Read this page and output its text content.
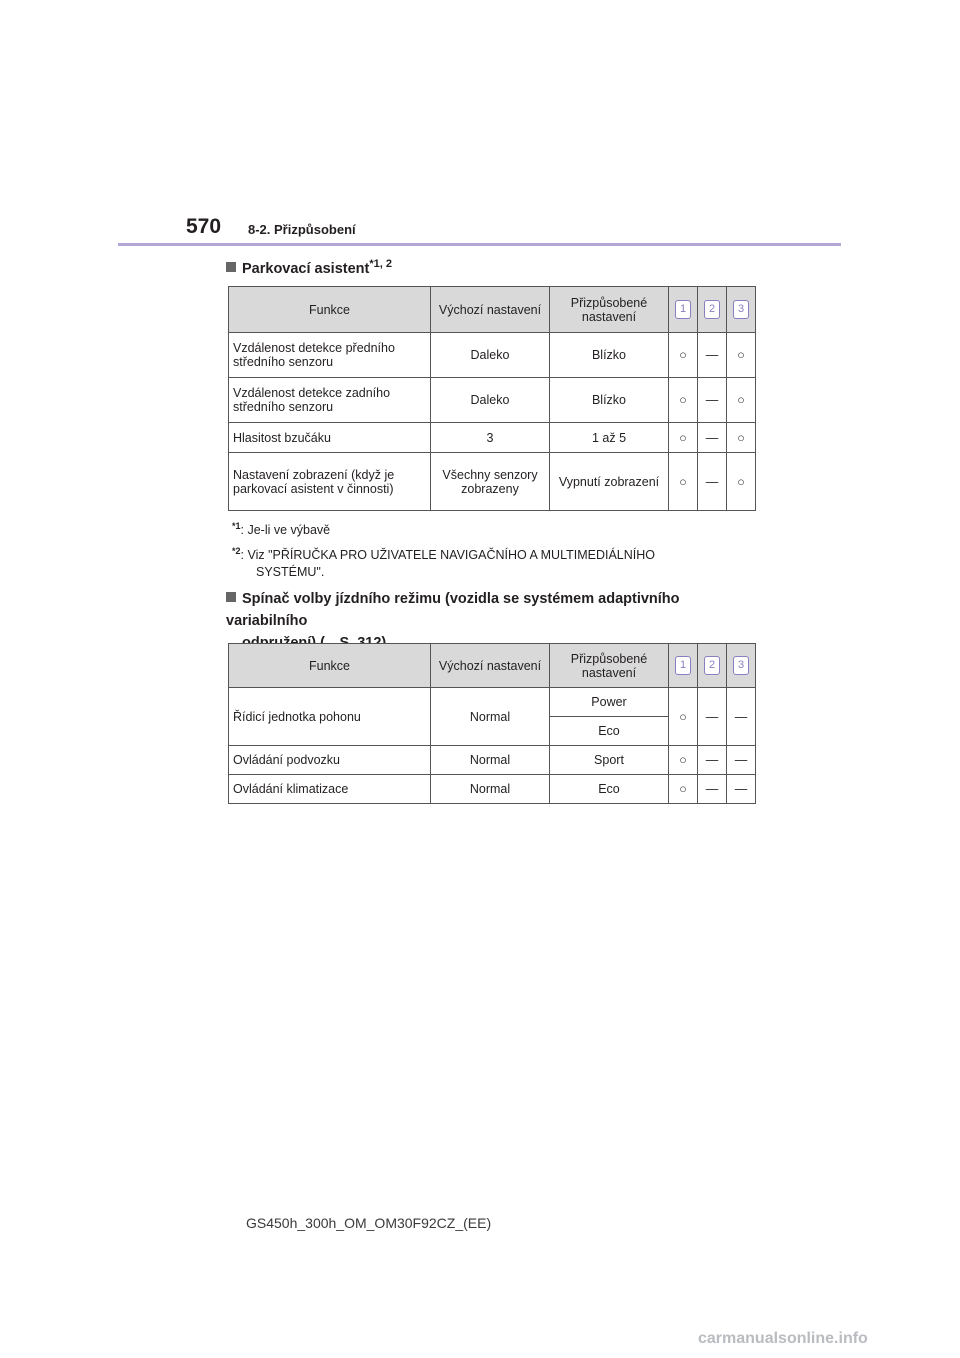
570 8-2. Přizpůsobení
Parkovací asistent$^{*1, 2}$
Funkce	Výchozí nastavení	Přizpůsobené nastavení	1	2	3
Vzdálenost detekce předního středního senzoru	Daleko	Blízko	○	—	○
Vzdálenost detekce zadního středního senzoru	Daleko	Blízko	○	—	○
Hlasitost bzučáku	3	1 až 5	○	—	○
Nastavení zobrazení (když je parkovací asistent v činnosti)	Všechny senzory zobrazeny	Vypnutí zobrazení	○	—	○
$^{*1}$: Je-li ve výbavě
$^{*2}$: Viz "PŘÍRUČKA PRO UŽIVATELE NAVIGAČNÍHO A MULTIMEDIÁLNÍHO
SYSTÉMU".
Spínač volby jízdního režimu (vozidla se systémem adaptivního variabilního
Funkce	Výchozí nastavení	Přizpůsobené nastavení	1	2	3
Řídicí jednotka pohonu	Normal	Power	○	—	—
		Eco			
Ovládání podvozku	Normal	Sport	○	—	—
Ovládání klimatizace	Normal	Eco	○	—	—
GS450h_300h_OM_OM30F92CZ_(EE)
carmanualsonline.info
